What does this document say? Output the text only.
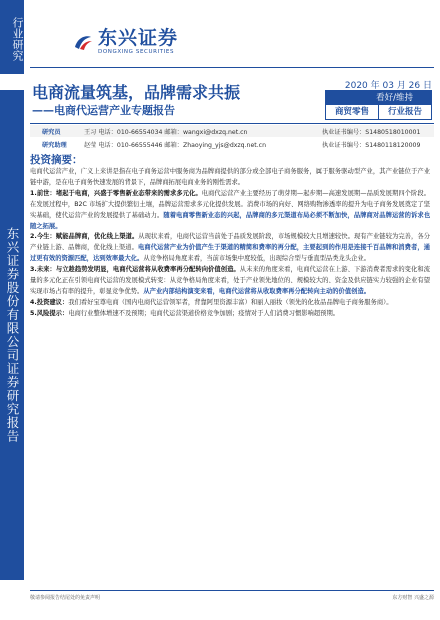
行业研究
东兴证券股份有限公司证券研究报告
东兴证券
DONGXING SECURITIES
电商流量筑基，品牌需求共振
——电商代运营产业专题报告
2020 年 03 月 26 日
看好/维持
商贸零售	行业报告
研究员	王习 电话：010-66554034 邮箱：wangxi@dxzq.net.cn	执业证书编号：S1480518010001
研究助理	赵莹 电话：010-66555446 邮箱：Zhaoying_yjs@dxzq.net.cn	执业证书编号：S1480118120009
投资摘要：

电商代运营产业，广义上来讲是指在电子商务运营中服务商为品牌商提供的部分或全部电子商务服务，属于服务驱动型产业，其产业链位于产业链中游，是在电子商务快速发展的背景下，品牌商拓展电商业务的刚性需求。

1.前世：堵起于电商，兴盛于零售新业态带来的需求多元化。电商代运营产业主要经历了萌芽期—起步期—高速发展期—品质发展期四个阶段。在发展过程中，B2C 市场扩大提供繁衍土壤，品牌运营需求多元化提供发展。消费市场的向好、网络购物渗透率的提升为电子商务发展奠定了坚实基础，使代运营产业的发展提供了基础动力。随着电商零售新业态的兴起，品牌商的多元渠道布局必须不断加快，品牌商对品牌运营的诉求也随之拓展。

2.今生：赋能品牌商，优化线上渠道。从现状来看，电商代运营当前处于品质发展阶段，市场规模较大且增速较快。现有产业链较为完善，各分产业链上游、品牌商，优化线上渠道。电商代运营产业为价值产生于渠道的精简和费率的再分配，主要起到的作用是连接千百品牌和消费者，通过更有效的资源匹配，达到效率最大化。从竞争格局角度来看，当前市场集中度较低，出现综合型与垂直型品类龙头企业。

3.未来：与立趁趋势发明显，电商代运营将从收费率再分配转向价值创造。从未来的角度来看，电商代运营在上游、下游消费者需求的变化和流量的多元化正在引领电商代运营的发展模式转变：从竞争格局角度来看，处于产业领先地位的、规模较大的、资金及供应链实力较强的企业有望实现市场占有率的提升，彰显竞争优势。从产业内部结构演变来看，电商代运营将从收取费率再分配转向主动的价值创造。

4.投资建议：我们看好宝尊电商（国内电商代运营领军者，背靠阿里资源丰富）和丽人丽妆（领先的化妆品品牌电子商务服务商）。

5.风险提示：电商行业整体增速不及预期；电商代运营渠道价格竞争加剧；疫情对于人们消费习惯影响超预期。

敬请参阅报告结尾处的免责声明	东方财智 兴盛之源
